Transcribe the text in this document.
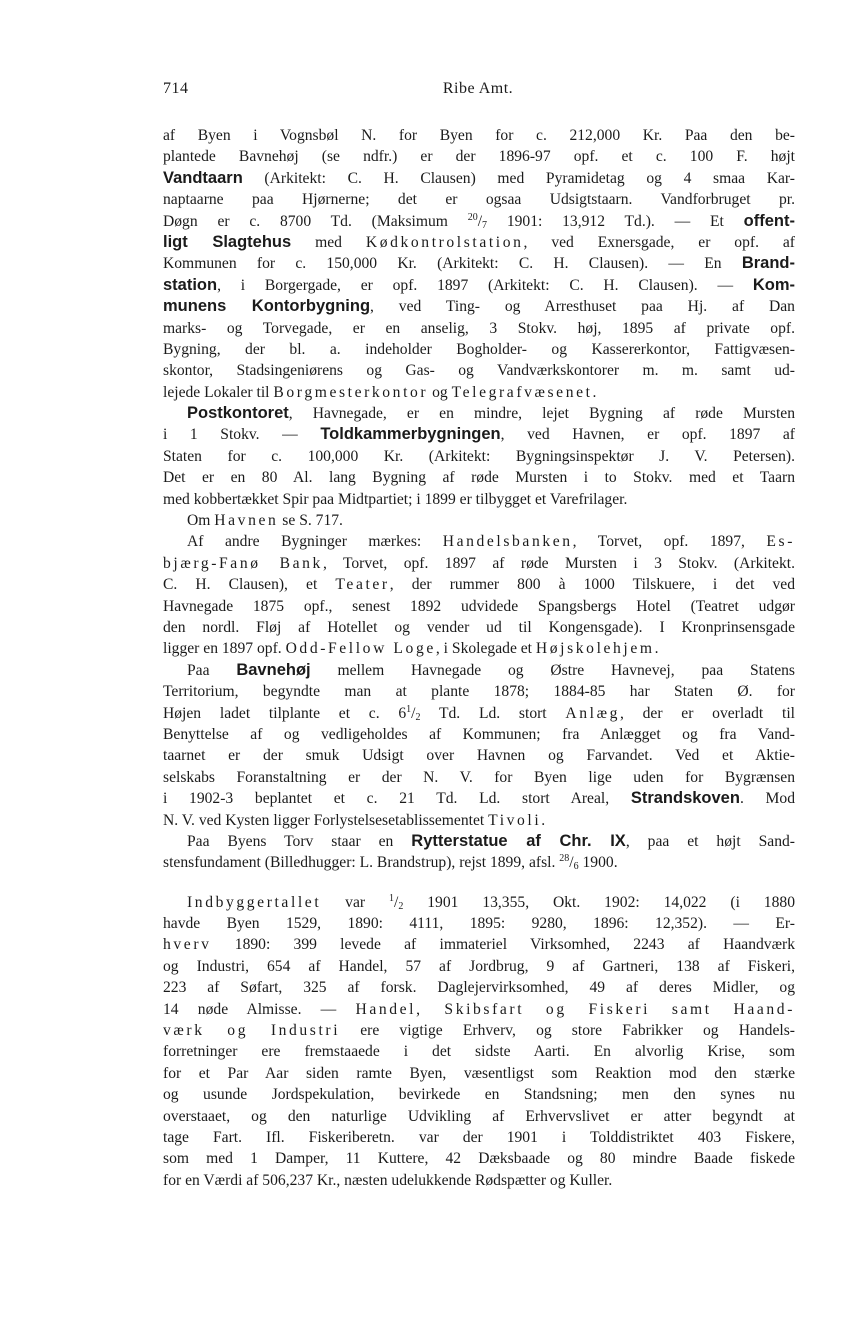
714	Ribe Amt.
af Byen i Vognsbøl N. for Byen for c. 212,000 Kr. Paa den be-
plantede Bavnehøj (se ndfr.) er der 1896-97 opf. et c. 100 F. højt
Vandtaarn (Arkitekt: C. H. Clausen) med Pyramidetag og 4 smaa Kar-
naptaarne paa Hjørnerne; det er ogsaa Udsigtstaarn. Vandforbruget pr.
Døgn er c. 8700 Td. (Maksimum $^{20}/_7$ 1901: 13,912 Td.). — Et offent-
ligt Slagtehus med Kødkontrolstation, ved Exnersgade, er opf. af
Kommunen for c. 150,000 Kr. (Arkitekt: C. H. Clausen). — En Brand-
station, i Borgergade, er opf. 1897 (Arkitekt: C. H. Clausen). — Kom-
munens Kontorbygning, ved Ting- og Arresthuset paa Hj. af Dan
marks- og Torvegade, er en anselig, 3 Stokv. høj, 1895 af private opf.
Bygning, der bl. a. indeholder Bogholder- og Kassererkontor, Fattigvæsen-
skontor, Stadsingeniørens og Gas- og Vandværkskontorer m. m. samt ud-
lejede Lokaler til Borgmesterkontor og Telegrafvæsenet.
Postkontoret, Havnegade, er en mindre, lejet Bygning af røde Mursten
i 1 Stokv. — Toldkammerbygningen, ved Havnen, er opf. 1897 af
Staten for c. 100,000 Kr. (Arkitekt: Bygningsinspektør J. V. Petersen).
Det er en 80 Al. lang Bygning af røde Mursten i to Stokv. med et Taarn
med kobbertækket Spir paa Midtpartiet; i 1899 er tilbygget et Varefrilager.
Om Havnen se S. 717.
Af andre Bygninger mærkes: Handelsbanken, Torvet, opf. 1897, Es-
bjærg-Fanø Bank, Torvet, opf. 1897 af røde Mursten i 3 Stokv. (Arkitekt.
C. H. Clausen), et Teater, der rummer 800 à 1000 Tilskuere, i det ved
Havnegade 1875 opf., senest 1892 udvidede Spangsbergs Hotel (Teatret udgør
den nordl. Fløj af Hotellet og vender ud til Kongensgade). I Kronprinsensgade
ligger en 1897 opf. Odd-Fellow Loge, i Skolegade et Højskolehjem.
Paa Bavnehøj mellem Havnegade og Østre Havnevej, paa Statens
Territorium, begyndte man at plante 1878; 1884-85 har Staten Ø. for
Højen ladet tilplante et c. $6^1/_2$ Td. Ld. stort Anlæg, der er overladt til
Benyttelse af og vedligeholdes af Kommunen; fra Anlægget og fra Vand-
taarnet er der smuk Udsigt over Havnen og Farvandet. Ved et Aktie-
selskabs Foranstaltning er der N. V. for Byen lige uden for Bygrænsen
i 1902-3 beplantet et c. 21 Td. Ld. stort Areal, Strandskoven. Mod
N. V. ved Kysten ligger Forlystelsesetablissementet Tivoli.
Paa Byens Torv staar en Rytterstatue af Chr. IX, paa et højt Sand-
stensfundament (Billedhugger: L. Brandstrup), rejst 1899, afsl. $^{28}/_6$ 1900.
Indbyggertallet var $^1/_2$ 1901 13,355, Okt. 1902: 14,022 (i 1880
havde Byen 1529, 1890: 4111, 1895: 9280, 1896: 12,352). — Er-
hverv 1890: 399 levede af immateriel Virksomhed, 2243 af Haandværk
og Industri, 654 af Handel, 57 af Jordbrug, 9 af Gartneri, 138 af Fiskeri,
223 af Søfart, 325 af forsk. Daglejervirksomhed, 49 af deres Midler, og
14 nøde Almisse. — Handel, Skibsfart og Fiskeri samt Haand-
værk og Industri ere vigtige Erhverv, og store Fabrikker og Handels-
forretninger ere fremstaaede i det sidste Aarti. En alvorlig Krise, som
for et Par Aar siden ramte Byen, væsentligst som Reaktion mod den stærke
og usunde Jordspekulation, bevirkede en Standsning; men den synes nu
overstaaet, og den naturlige Udvikling af Erhvervslivet er atter begyndt at
tage Fart. Ifl. Fiskeriberetn. var der 1901 i Tolddistriktet 403 Fiskere,
som med 1 Damper, 11 Kuttere, 42 Dæksbaade og 80 mindre Baade fiskede
for en Værdi af 506,237 Kr., næsten udelukkende Rødspætter og Kuller.
